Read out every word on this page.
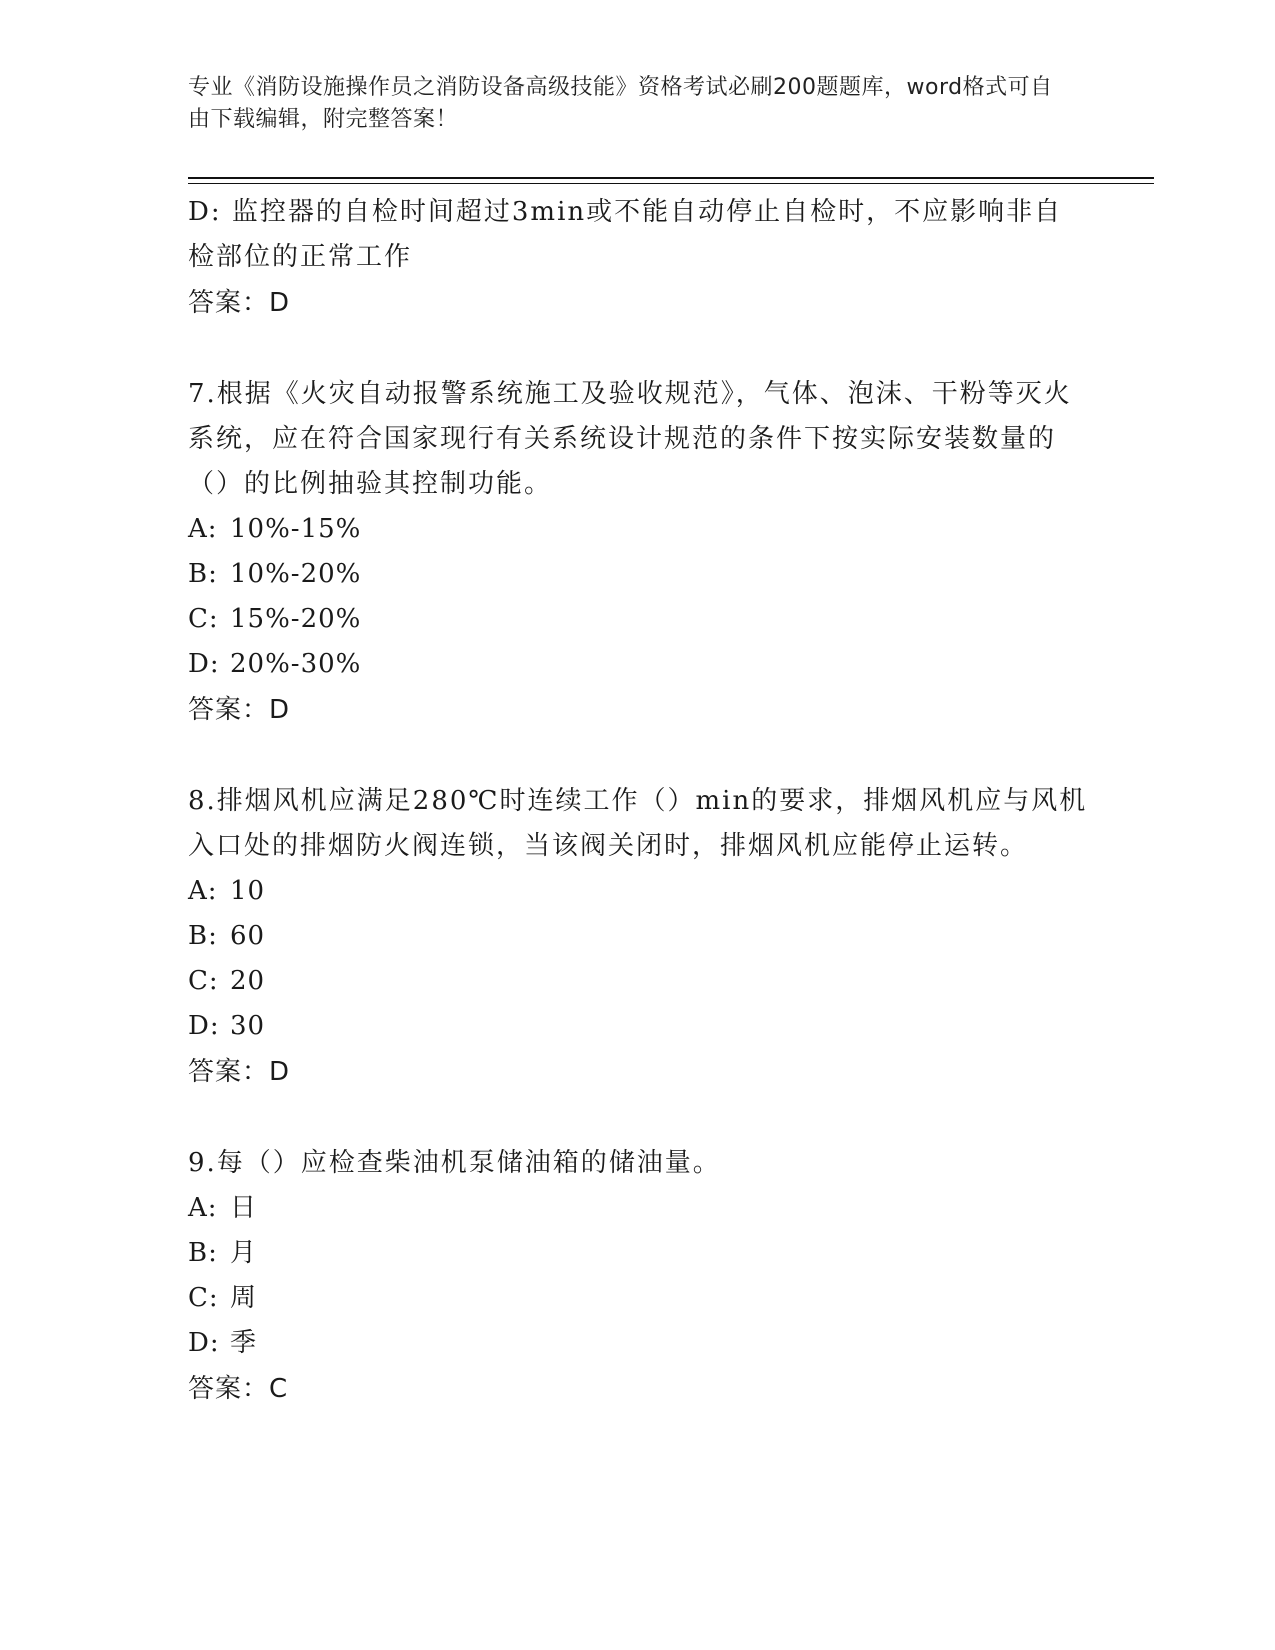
专业《消防设施操作员之消防设备高级技能》资格考试必刷200题题库，word格式可自由下载编辑，附完整答案！
D: 监控器的自检时间超过3min或不能自动停止自检时，不应影响非自检部位的正常工作
答案：D
7.根据《火灾自动报警系统施工及验收规范》，气体、泡沫、干粉等灭火系统，应在符合国家现行有关系统设计规范的条件下按实际安装数量的（）的比例抽验其控制功能。
A: 10%-15%
B: 10%-20%
C: 15%-20%
D: 20%-30%
答案：D
8.排烟风机应满足280℃时连续工作（）min的要求，排烟风机应与风机入口处的排烟防火阀连锁，当该阀关闭时，排烟风机应能停止运转。
A: 10
B: 60
C: 20
D: 30
答案：D
9.每（）应检查柴油机泵储油箱的储油量。
A: 日
B: 月
C: 周
D: 季
答案：C
